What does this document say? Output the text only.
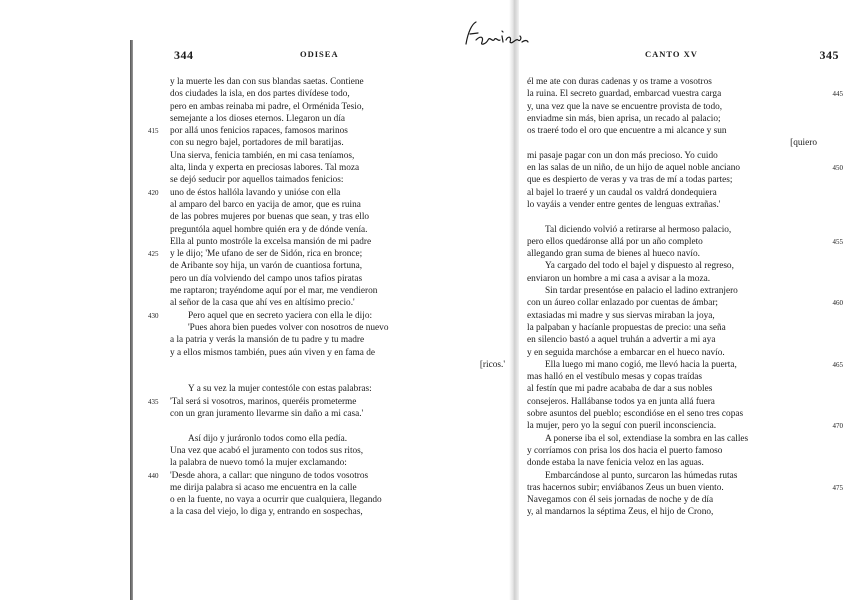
344	ODISEA
y la muerte les dan con sus blandas saetas. Contiene
dos ciudades la isla, en dos partes divídese todo,
pero en ambas reinaba mi padre, el Orménida Tesio,
semejante a los dioses eternos. Llegaron un día
por allá unos fenicios rapaces, famosos marinos
415
con su negro bajel, portadores de mil baratijas.
Una sierva, fenicia también, en mi casa teníamos,
alta, linda y experta en preciosas labores. Tal moza
se dejó seducir por aquellos taimados fenicios:
uno de éstos hallóla lavando y unióse con ella
420
al amparo del barco en yacija de amor, que es ruina
de las pobres mujeres por buenas que sean, y tras ello
preguntóla aquel hombre quién era y de dónde venía.
Ella al punto mostróle la excelsa mansión de mi padre
y le dijo; 'Me ufano de ser de Sidón, rica en bronce;
425
de Aribante soy hija, un varón de cuantiosa fortuna,
pero un día volviendo del campo unos tafios piratas
me raptaron; trayéndome aquí por el mar, me vendieron
al señor de la casa que ahí ves en altísimo precio.'
Pero aquel que en secreto yaciera con ella le dijo:
430
'Pues ahora bien puedes volver con nosotros de nuevo
a la patria y verás la mansión de tu padre y tu madre
y a ellos mismos también, pues aún viven y en fama de
[ricos.'
Y a su vez la mujer contestóle con estas palabras:
'Tal será si vosotros, marinos, queréis prometerme
435
con un gran juramento llevarme sin daño a mi casa.'
Así dijo y juráronlo todos como ella pedía.
Una vez que acabó el juramento con todos sus ritos,
la palabra de nuevo tomó la mujer exclamando:
'Desde ahora, a callar: que ninguno de todos vosotros
440
me dirija palabra si acaso me encuentra en la calle
o en la fuente, no vaya a ocurrir que cualquiera, llegando
a la casa del viejo, lo diga y, entrando en sospechas,
CANTO XV	345
él me ate con duras cadenas y os trame a vosotros
la ruina. El secreto guardad, embarcad vuestra carga	445
y, una vez que la nave se encuentre provista de todo,
enviadme sin más, bien aprisa, un recado al palacio;
os traeré todo el oro que encuentre a mi alcance y sun
[quiero
mi pasaje pagar con un don más precioso. Yo cuido
en las salas de un niño, de un hijo de aquel noble anciano	450
que es despierto de veras y va tras de mí a todas partes;
al bajel lo traeré y un caudal os valdrá dondequiera
lo vayáis a vender entre gentes de lenguas extrañas.'
Tal diciendo volvió a retirarse al hermoso palacio,
pero ellos quedáronse allá por un año completo	455
allegando gran suma de bienes al hueco navío.
Ya cargado del todo el bajel y dispuesto al regreso,
enviaron un hombre a mi casa a avisar a la moza.
Sin tardar presentóse en palacio el ladino extranjero
con un áureo collar enlazado por cuentas de ámbar;	460
extasiadas mi madre y sus siervas miraban la joya,
la palpaban y hacíanle propuestas de precio: una seña
en silencio bastó a aquel truhán a advertir a mi aya
y en seguida marchóse a embarcar en el hueco navío.
Ella luego mi mano cogió, me llevó hacia la puerta,	465
mas halló en el vestíbulo mesas y copas traídas
al festín que mi padre acababa de dar a sus nobles
consejeros. Hallábanse todos ya en junta allá fuera
sobre asuntos del pueblo; escondióse en el seno tres copas
la mujer, pero yo la seguí con pueril inconsciencia.	470
A ponerse iba el sol, extendiase la sombra en las calles
y corríamos con prisa los dos hacia el puerto famoso
donde estaba la nave fenicia veloz en las aguas.
Embarcándose al punto, surcaron las húmedas rutas
tras hacernos subir; enviábanos Zeus un buen viento.	475
Navegamos con él seis jornadas de noche y de día
y, al mandarnos la séptima Zeus, el hijo de Crono,
